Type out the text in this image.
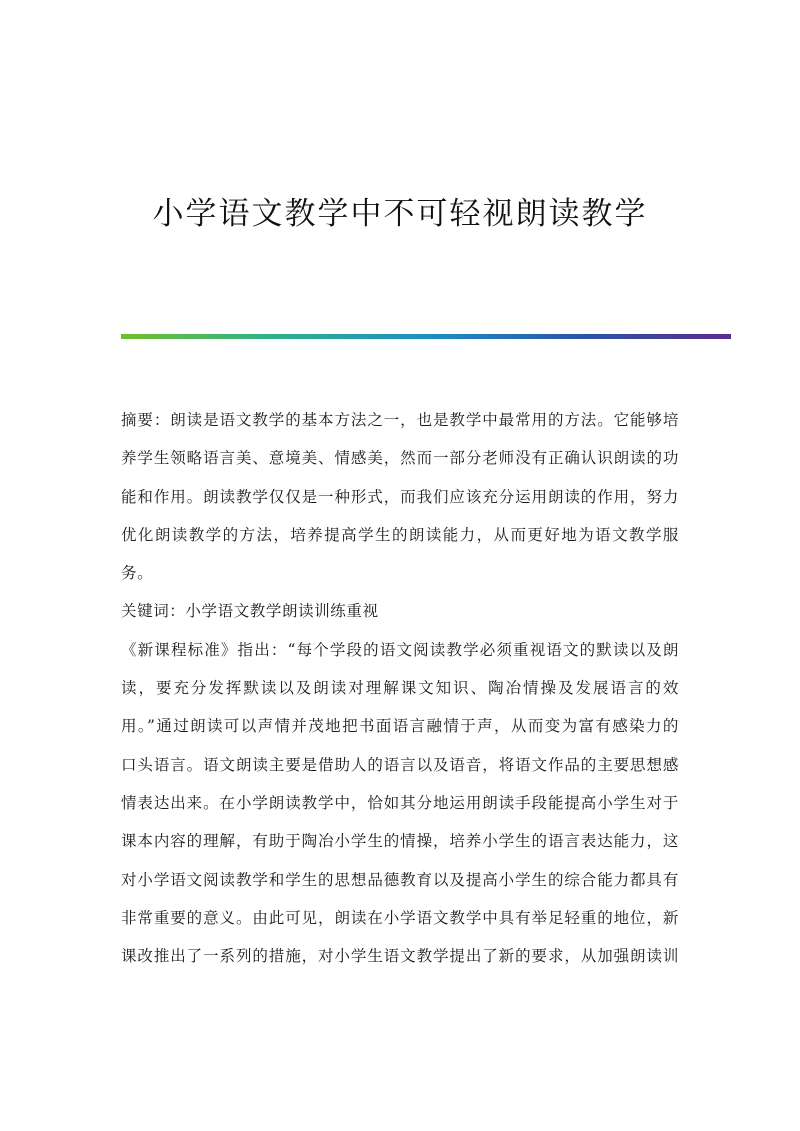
小学语文教学中不可轻视朗读教学
摘要：朗读是语文教学的基本方法之一，也是教学中最常用的方法。它能够培
养学生领略语言美、意境美、情感美，然而一部分老师没有正确认识朗读的功
能和作用。朗读教学仅仅是一种形式，而我们应该充分运用朗读的作用，努力
优化朗读教学的方法，培养提高学生的朗读能力，从而更好地为语文教学服
务。
关键词：小学语文教学朗读训练重视
《新课程标准》指出：“每个学段的语文阅读教学必须重视语文的默读以及朗
读，要充分发挥默读以及朗读对理解课文知识、陶冶情操及发展语言的效
用。”通过朗读可以声情并茂地把书面语言融情于声，从而变为富有感染力的
口头语言。语文朗读主要是借助人的语言以及语音，将语文作品的主要思想感
情表达出来。在小学朗读教学中，恰如其分地运用朗读手段能提高小学生对于
课本内容的理解，有助于陶冶小学生的情操，培养小学生的语言表达能力，这
对小学语文阅读教学和学生的思想品德教育以及提高小学生的综合能力都具有
非常重要的意义。由此可见，朗读在小学语文教学中具有举足轻重的地位，新
课改推出了一系列的措施，对小学生语文教学提出了新的要求，从加强朗读训
